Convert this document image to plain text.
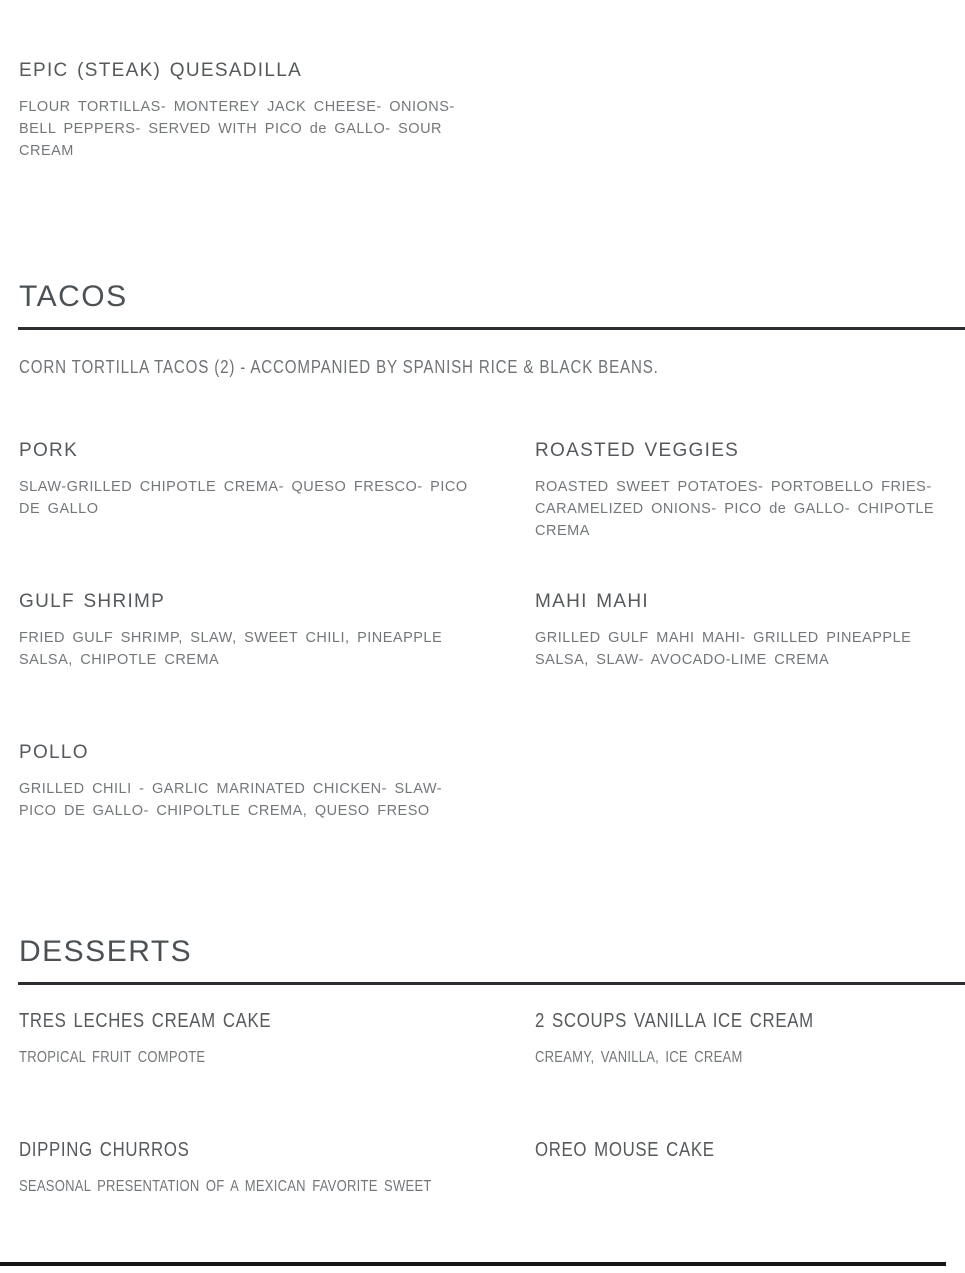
EPIC (STEAK) QUESADILLA
FLOUR TORTILLAS- MONTEREY JACK CHEESE- ONIONS- BELL PEPPERS- SERVED WITH PICO de GALLO- SOUR CREAM
TACOS
CORN TORTILLA TACOS (2) - ACCOMPANIED BY SPANISH RICE & BLACK BEANS.
PORK
SLAW-GRILLED CHIPOTLE CREMA- QUESO FRESCO- PICO DE GALLO
ROASTED VEGGIES
ROASTED SWEET POTATOES- PORTOBELLO FRIES- CARAMELIZED ONIONS- PICO de GALLO- CHIPOTLE CREMA
GULF SHRIMP
FRIED GULF SHRIMP, SLAW, SWEET CHILI, PINEAPPLE SALSA, CHIPOTLE CREMA
MAHI MAHI
GRILLED GULF MAHI MAHI- GRILLED PINEAPPLE SALSA, SLAW- AVOCADO-LIME CREMA
POLLO
GRILLED CHILI - GARLIC MARINATED CHICKEN- SLAW- PICO DE GALLO- CHIPOLTLE CREMA, QUESO FRESO
DESSERTS
TRES LECHES CREAM CAKE
TROPICAL FRUIT COMPOTE
2 SCOUPS VANILLA ICE CREAM
CREAMY, VANILLA, ICE CREAM
DIPPING CHURROS
SEASONAL PRESENTATION OF A MEXICAN FAVORITE SWEET
OREO MOUSE CAKE
